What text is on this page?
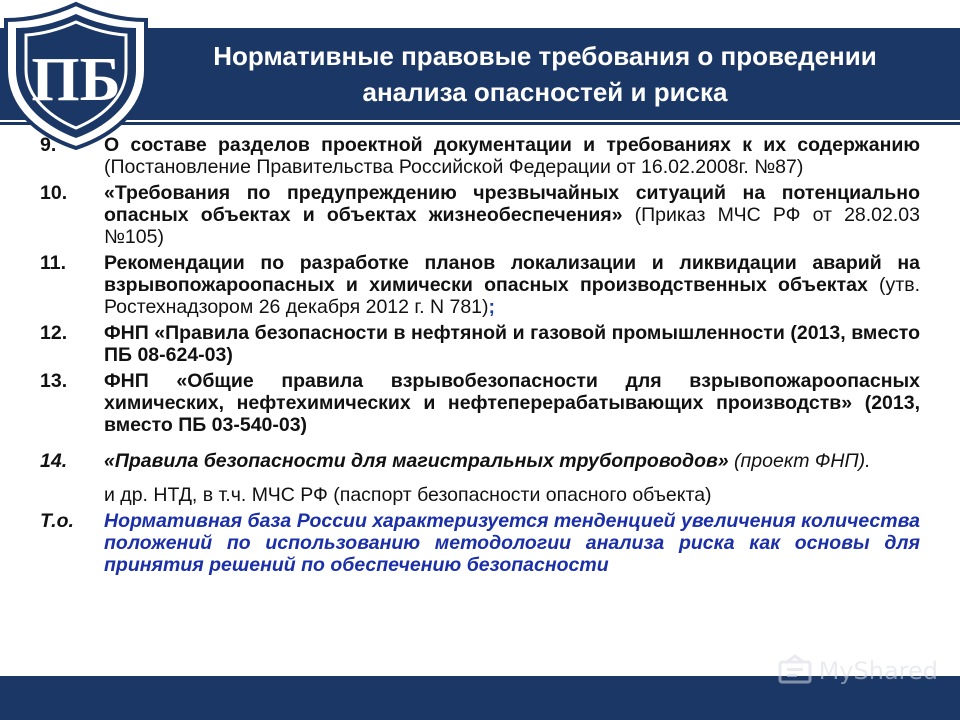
ПБ	Нормативные правовые требования о проведении
анализа опасностей и риска
9.	О составе разделов проектной документации и требованиях к их содержанию (Постановление Правительства Российской Федерации от 16.02.2008г. №87)
10.	«Требования по предупреждению чрезвычайных ситуаций на потенциально опасных объектах и объектах жизнеобеспечения» (Приказ МЧС РФ от 28.02.03 №105)
11.	Рекомендации по разработке планов локализации и ликвидации аварий на взрывопожароопасных и химически опасных производственных объектах (утв. Ростехнадзором 26 декабря 2012 г. N 781);
12.	ФНП «Правила безопасности в нефтяной и газовой промышленности (2013, вместо ПБ 08-624-03)
13.	ФНП «Общие правила взрывобезопасности для взрывопожароопасных химических, нефтехимических и нефтеперерабатывающих производств» (2013, вместо ПБ 03-540-03)
14.	«Правила безопасности для магистральных трубопроводов» (проект ФНП).
и др. НТД, в т.ч. МЧС РФ (паспорт безопасности опасного объекта)
Т.о.	Нормативная база России характеризуется тенденцией увеличения количества положений по использованию методологии анализа риска как основы для принятия решений по обеспечению безопасности
MyShared
